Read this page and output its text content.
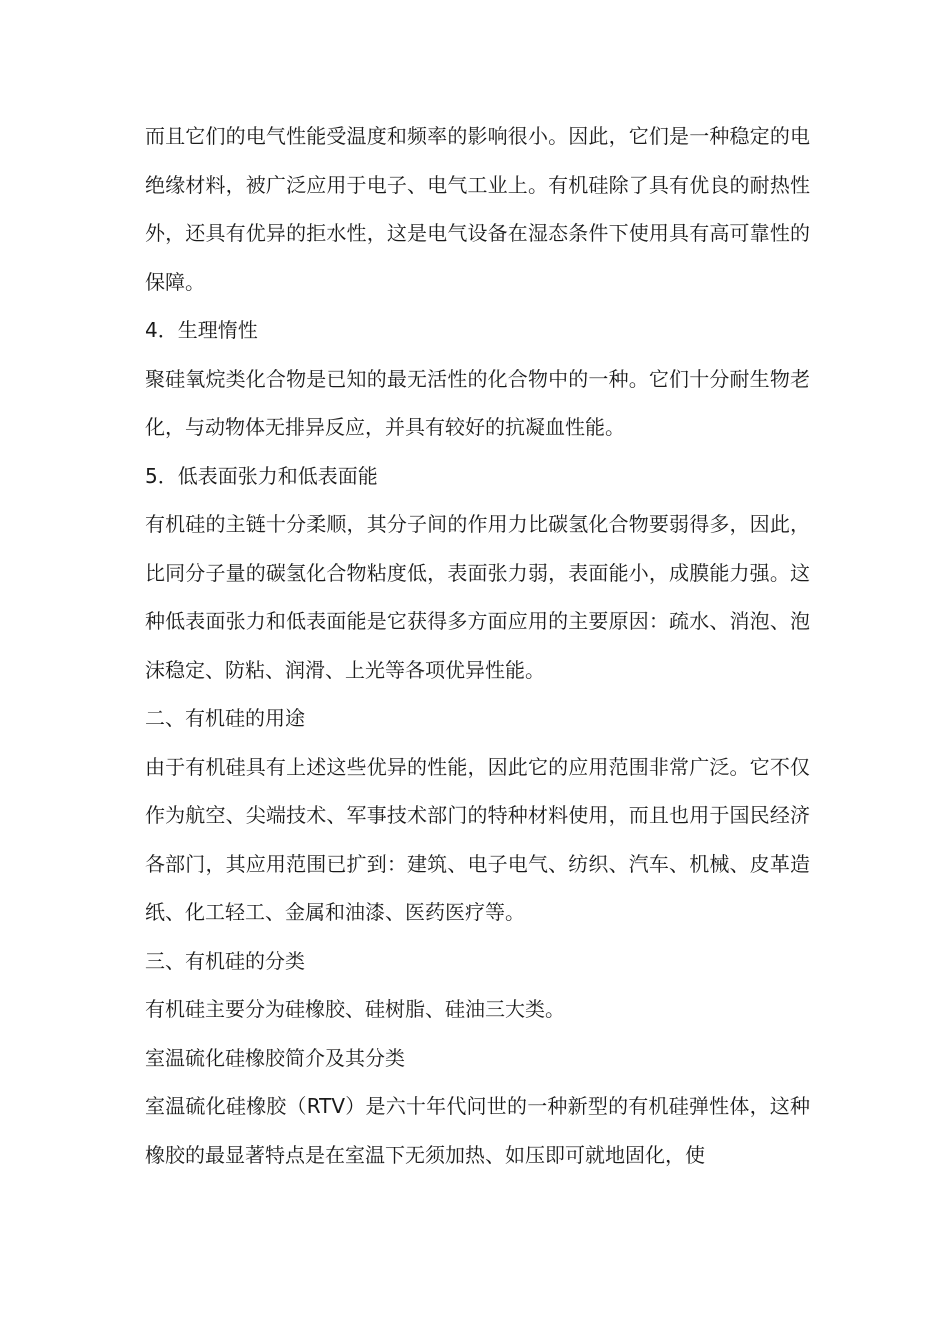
而且它们的电气性能受温度和频率的影响很小。因此，它们是一种稳定的电绝缘材料，被广泛应用于电子、电气工业上。有机硅除了具有优良的耐热性外，还具有优异的拒水性，这是电气设备在湿态条件下使用具有高可靠性的保障。

4．生理惰性

聚硅氧烷类化合物是已知的最无活性的化合物中的一种。它们十分耐生物老化，与动物体无排异反应，并具有较好的抗凝血性能。

5．低表面张力和低表面能

有机硅的主链十分柔顺，其分子间的作用力比碳氢化合物要弱得多，因此，比同分子量的碳氢化合物粘度低，表面张力弱，表面能小，成膜能力强。这种低表面张力和低表面能是它获得多方面应用的主要原因：疏水、消泡、泡沫稳定、防粘、润滑、上光等各项优异性能。

二、有机硅的用途

由于有机硅具有上述这些优异的性能，因此它的应用范围非常广泛。它不仅作为航空、尖端技术、军事技术部门的特种材料使用，而且也用于国民经济各部门，其应用范围已扩到：建筑、电子电气、纺织、汽车、机械、皮革造纸、化工轻工、金属和油漆、医药医疗等。

三、有机硅的分类

有机硅主要分为硅橡胶、硅树脂、硅油三大类。

室温硫化硅橡胶简介及其分类

室温硫化硅橡胶（RTV）是六十年代问世的一种新型的有机硅弹性体，这种橡胶的最显著特点是在室温下无须加热、如压即可就地固化，使
